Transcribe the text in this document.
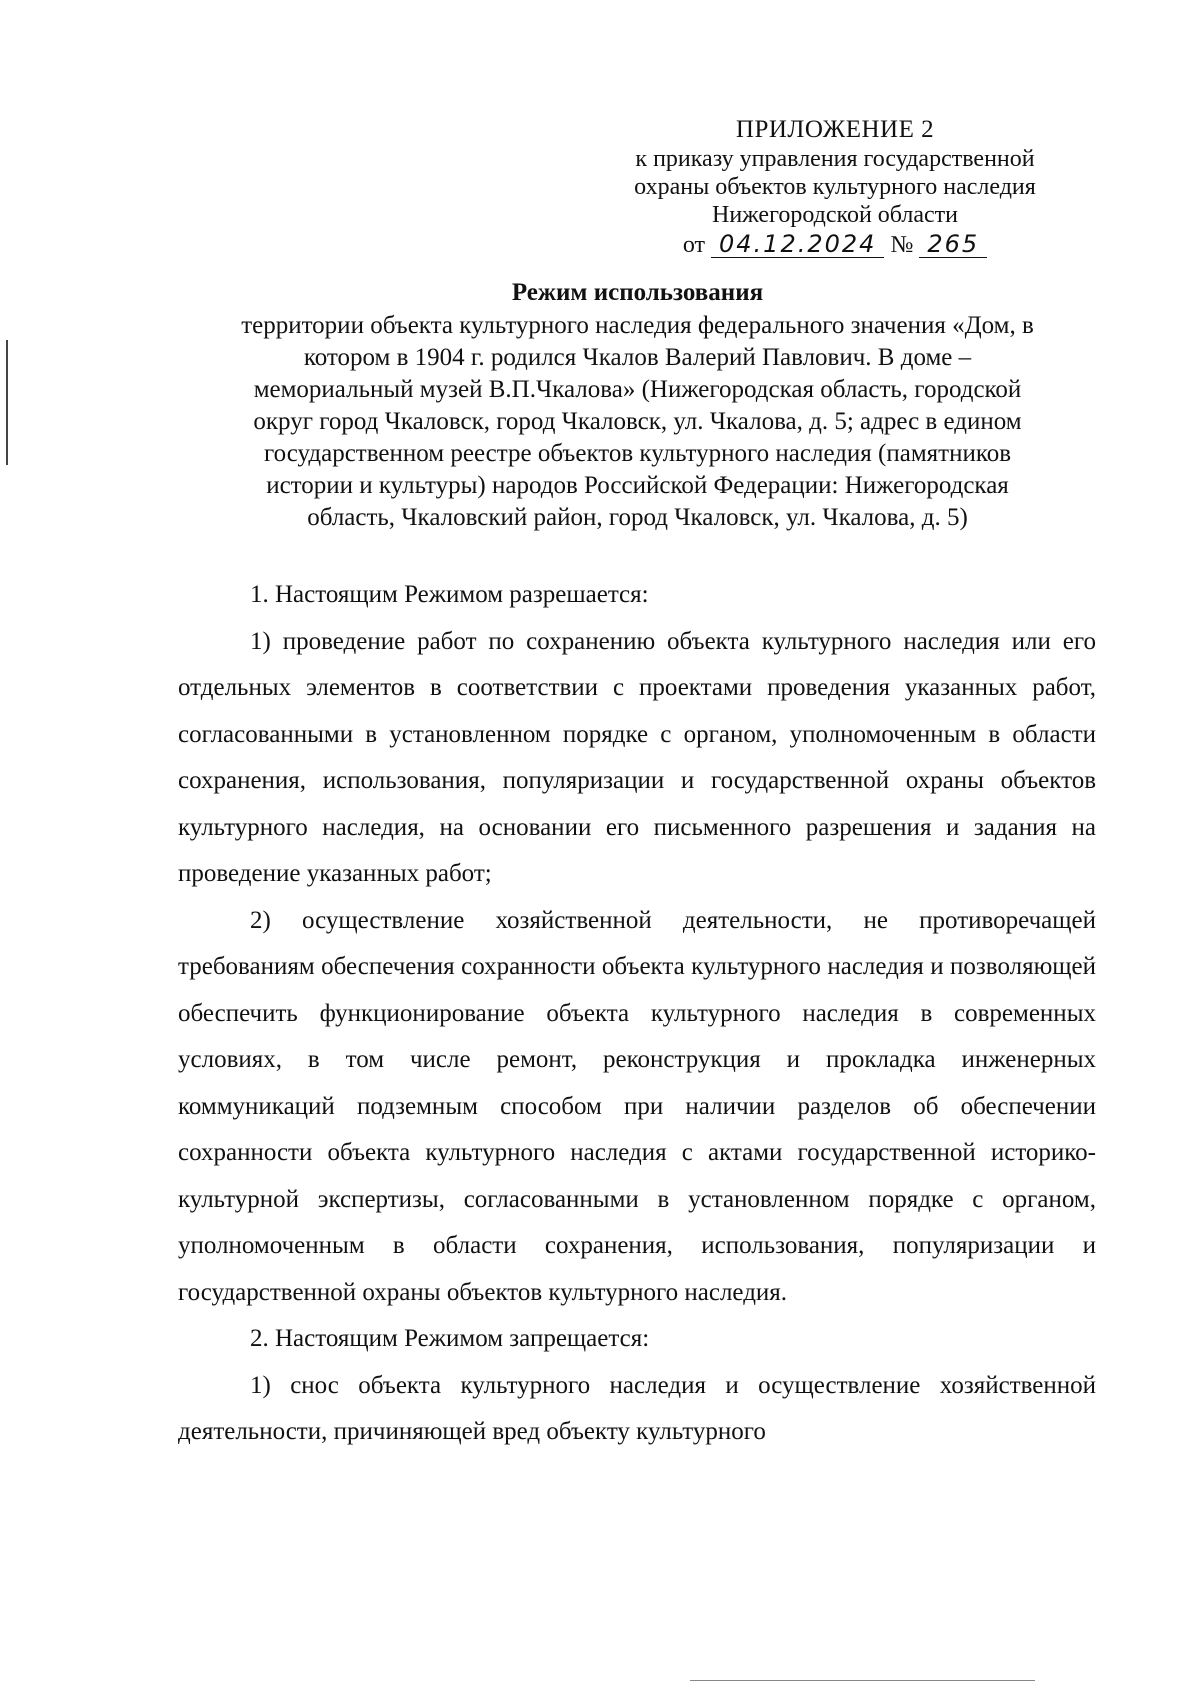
ПРИЛОЖЕНИЕ 2
к приказу управления государственной
охраны объектов культурного наследия
Нижегородской области
от 04.12.2024 № 265
Режим использования
территории объекта культурного наследия федерального значения «Дом, в
котором в 1904 г. родился Чкалов Валерий Павлович. В доме –
мемориальный музей В.П.Чкалова» (Нижегородская область, городской
округ город Чкаловск, город Чкаловск, ул. Чкалова, д. 5; адрес в едином
государственном реестре объектов культурного наследия (памятников
истории и культуры) народов Российской Федерации: Нижегородская
область, Чкаловский район, город Чкаловск, ул. Чкалова, д. 5)

1. Настоящим Режимом разрешается:

1) проведение работ по сохранению объекта культурного наследия или его отдельных элементов в соответствии с проектами проведения указанных работ, согласованными в установленном порядке с органом, уполномоченным в области сохранения, использования, популяризации и государственной охраны объектов культурного наследия, на основании его письменного разрешения и задания на проведение указанных работ;

2) осуществление хозяйственной деятельности, не противоречащей требованиям обеспечения сохранности объекта культурного наследия и позволяющей обеспечить функционирование объекта культурного наследия в современных условиях, в том числе ремонт, реконструкция и прокладка инженерных коммуникаций подземным способом при наличии разделов об обеспечении сохранности объекта культурного наследия с актами государственной историко-культурной экспертизы, согласованными в установленном порядке с органом, уполномоченным в области сохранения, использования, популяризации и государственной охраны объектов культурного наследия.

2. Настоящим Режимом запрещается:

1) снос объекта культурного наследия и осуществление хозяйственной деятельности, причиняющей вред объекту культурного
